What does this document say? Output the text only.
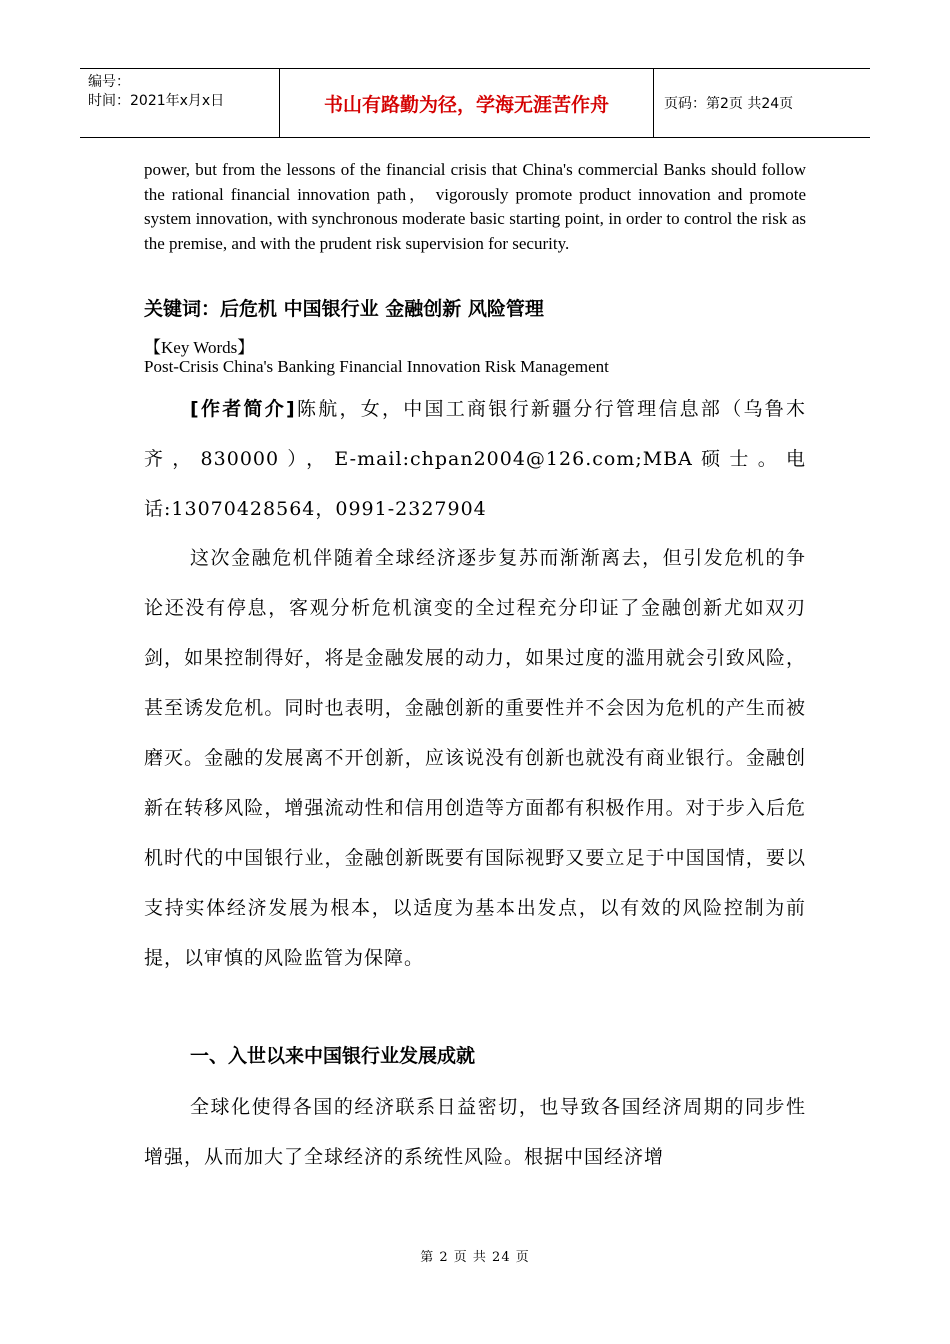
编号：
时间：2021年x月x日	书山有路勤为径，学海无涯苦作舟	页码：第2页 共24页
power, but from the lessons of the financial crisis that China's commercial Banks should follow the rational financial innovation path， vigorously promote product innovation and promote system innovation, with synchronous moderate basic starting point, in order to control the risk as the premise, and with the prudent risk supervision for security.
关键词：后危机 中国银行业 金融创新 风险管理
【Key Words】
Post-Crisis China's Banking Financial Innovation Risk Management
[作者简介]陈航，女，中国工商银行新疆分行管理信息部（乌鲁木齐，830000），E-mail:chpan2004@126.com;MBA硕士。电话:13070428564，0991-2327904
这次金融危机伴随着全球经济逐步复苏而渐渐离去，但引发危机的争论还没有停息，客观分析危机演变的全过程充分印证了金融创新尤如双刃剑，如果控制得好，将是金融发展的动力，如果过度的滥用就会引致风险，甚至诱发危机。同时也表明，金融创新的重要性并不会因为危机的产生而被磨灭。金融的发展离不开创新，应该说没有创新也就没有商业银行。金融创新在转移风险，增强流动性和信用创造等方面都有积极作用。对于步入后危机时代的中国银行业，金融创新既要有国际视野又要立足于中国国情，要以支持实体经济发展为根本，以适度为基本出发点，以有效的风险控制为前提，以审慎的风险监管为保障。
一、入世以来中国银行业发展成就
全球化使得各国的经济联系日益密切，也导致各国经济周期的同步性增强，从而加大了全球经济的系统性风险。根据中国经济增
第 2 页 共 24 页
